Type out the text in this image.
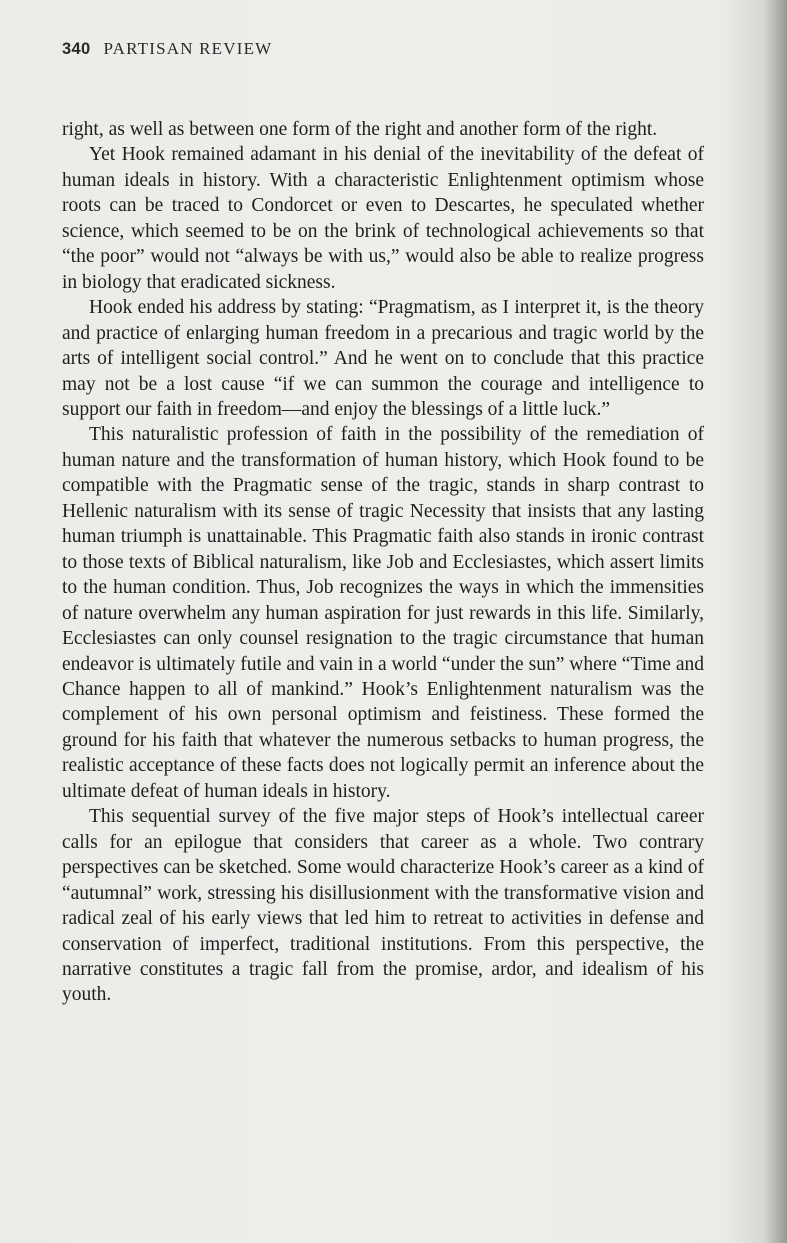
340 PARTISAN REVIEW

right, as well as between one form of the right and another form of the right.

Yet Hook remained adamant in his denial of the inevitability of the defeat of human ideals in history. With a characteristic Enlightenment optimism whose roots can be traced to Condorcet or even to Descartes, he speculated whether science, which seemed to be on the brink of technological achievements so that “the poor” would not “always be with us,” would also be able to realize progress in biology that eradicated sickness.

Hook ended his address by stating: “Pragmatism, as I interpret it, is the theory and practice of enlarging human freedom in a precarious and tragic world by the arts of intelligent social control.” And he went on to conclude that this practice may not be a lost cause “if we can summon the courage and intelligence to support our faith in freedom—and enjoy the blessings of a little luck.”

This naturalistic profession of faith in the possibility of the remediation of human nature and the transformation of human history, which Hook found to be compatible with the Pragmatic sense of the tragic, stands in sharp contrast to Hellenic naturalism with its sense of tragic Necessity that insists that any lasting human triumph is unattainable. This Pragmatic faith also stands in ironic contrast to those texts of Biblical naturalism, like Job and Ecclesiastes, which assert limits to the human condition. Thus, Job recognizes the ways in which the immensities of nature overwhelm any human aspiration for just rewards in this life. Similarly, Ecclesiastes can only counsel resignation to the tragic circumstance that human endeavor is ultimately futile and vain in a world “under the sun” where “Time and Chance happen to all of mankind.” Hook’s Enlightenment naturalism was the complement of his own personal optimism and feistiness. These formed the ground for his faith that whatever the numerous setbacks to human progress, the realistic acceptance of these facts does not logically permit an inference about the ultimate defeat of human ideals in history.

This sequential survey of the five major steps of Hook’s intellectual career calls for an epilogue that considers that career as a whole. Two contrary perspectives can be sketched. Some would characterize Hook’s career as a kind of “autumnal” work, stressing his disillusionment with the transformative vision and radical zeal of his early views that led him to retreat to activities in defense and conservation of imperfect, traditional institutions. From this perspective, the narrative constitutes a tragic fall from the promise, ardor, and idealism of his youth.
